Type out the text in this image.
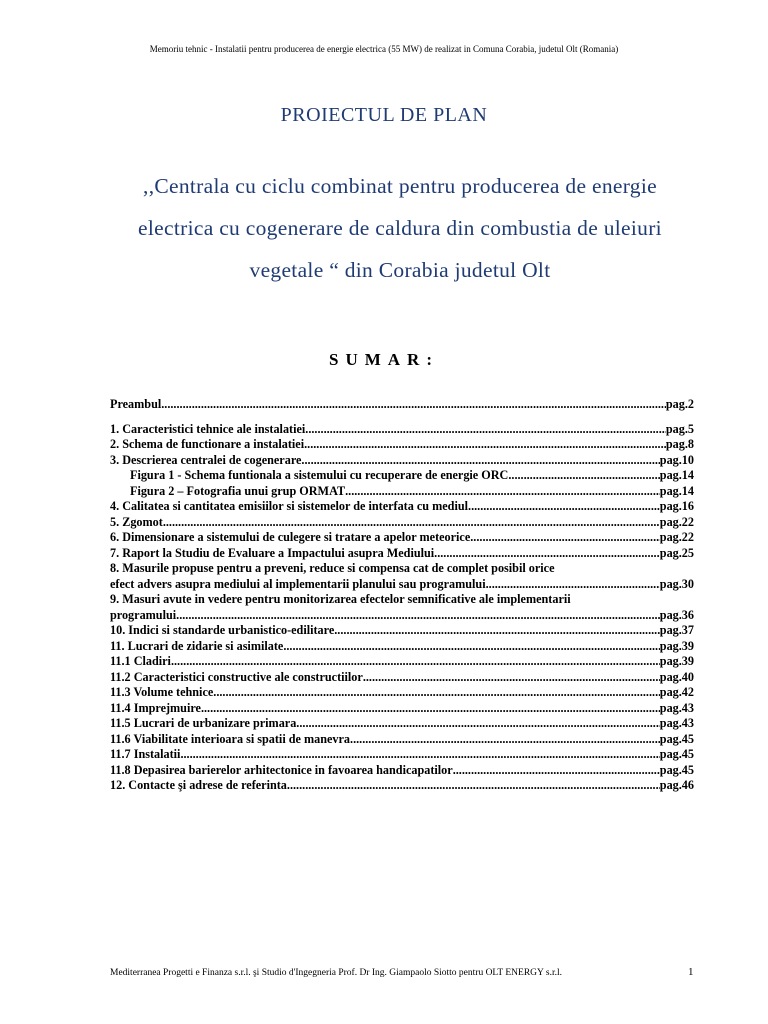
Memoriu tehnic - Instalatii pentru producerea de energie electrica (55 MW) de realizat in Comuna Corabia, judetul Olt (Romania)
PROIECTUL DE PLAN
,,Centrala cu ciclu combinat pentru producerea de energie
electrica cu cogenerare de caldura din combustia de uleiuri
vegetale “ din Corabia judetul Olt
SUMAR:
Preambul .....	pag.2
1. Caracteristici tehnice ale instalatiei .....	pag.5
2. Schema de functionare a instalatiei .....	pag.8
3. Descrierea centralei de cogenerare .....	pag.10
Figura 1 - Schema funtionala a sistemului cu recuperare de energie ORC .....	pag.14
Figura 2 – Fotografia unui grup ORMAT .....	pag.14
4. Calitatea si cantitatea emisiilor si sistemelor de interfata cu mediul .....	pag.16
5. Zgomot .....	pag.22
6. Dimensionare a sistemului de culegere si tratare a apelor meteorice .....	pag.22
7. Raport la Studiu de Evaluare a Impactului asupra Mediului .....	pag.25
8. Masurile propuse pentru a preveni, reduce si compensa cat de complet posibil orice
efect advers asupra mediului al implementarii planului sau programului .....	pag.30
9. Masuri avute in vedere pentru monitorizarea efectelor semnificative ale implementarii
programului .....	pag.36
10. Indici si standarde urbanistico-edilitare .....	pag.37
11. Lucrari de zidarie si asimilate .....	pag.39
11.1 Cladiri .....	pag.39
11.2 Caracteristici constructive ale constructiilor .....	pag.40
11.3 Volume tehnice .....	pag.42
11.4 Imprejmuire .....	pag.43
11.5 Lucrari de urbanizare primara .....	pag.43
11.6 Viabilitate interioara si spatii de manevra .....	pag.45
11.7 Instalatii .....	pag.45
11.8 Depasirea barierelor arhitectonice in favoarea handicapatilor .....	pag.45
12. Contacte şi adrese de referinta .....	pag.46
Mediterranea Progetti e Finanza s.r.l. şi Studio d'Ingegneria Prof. Dr Ing. Giampaolo Siotto pentru OLT ENERGY s.r.l.	1
